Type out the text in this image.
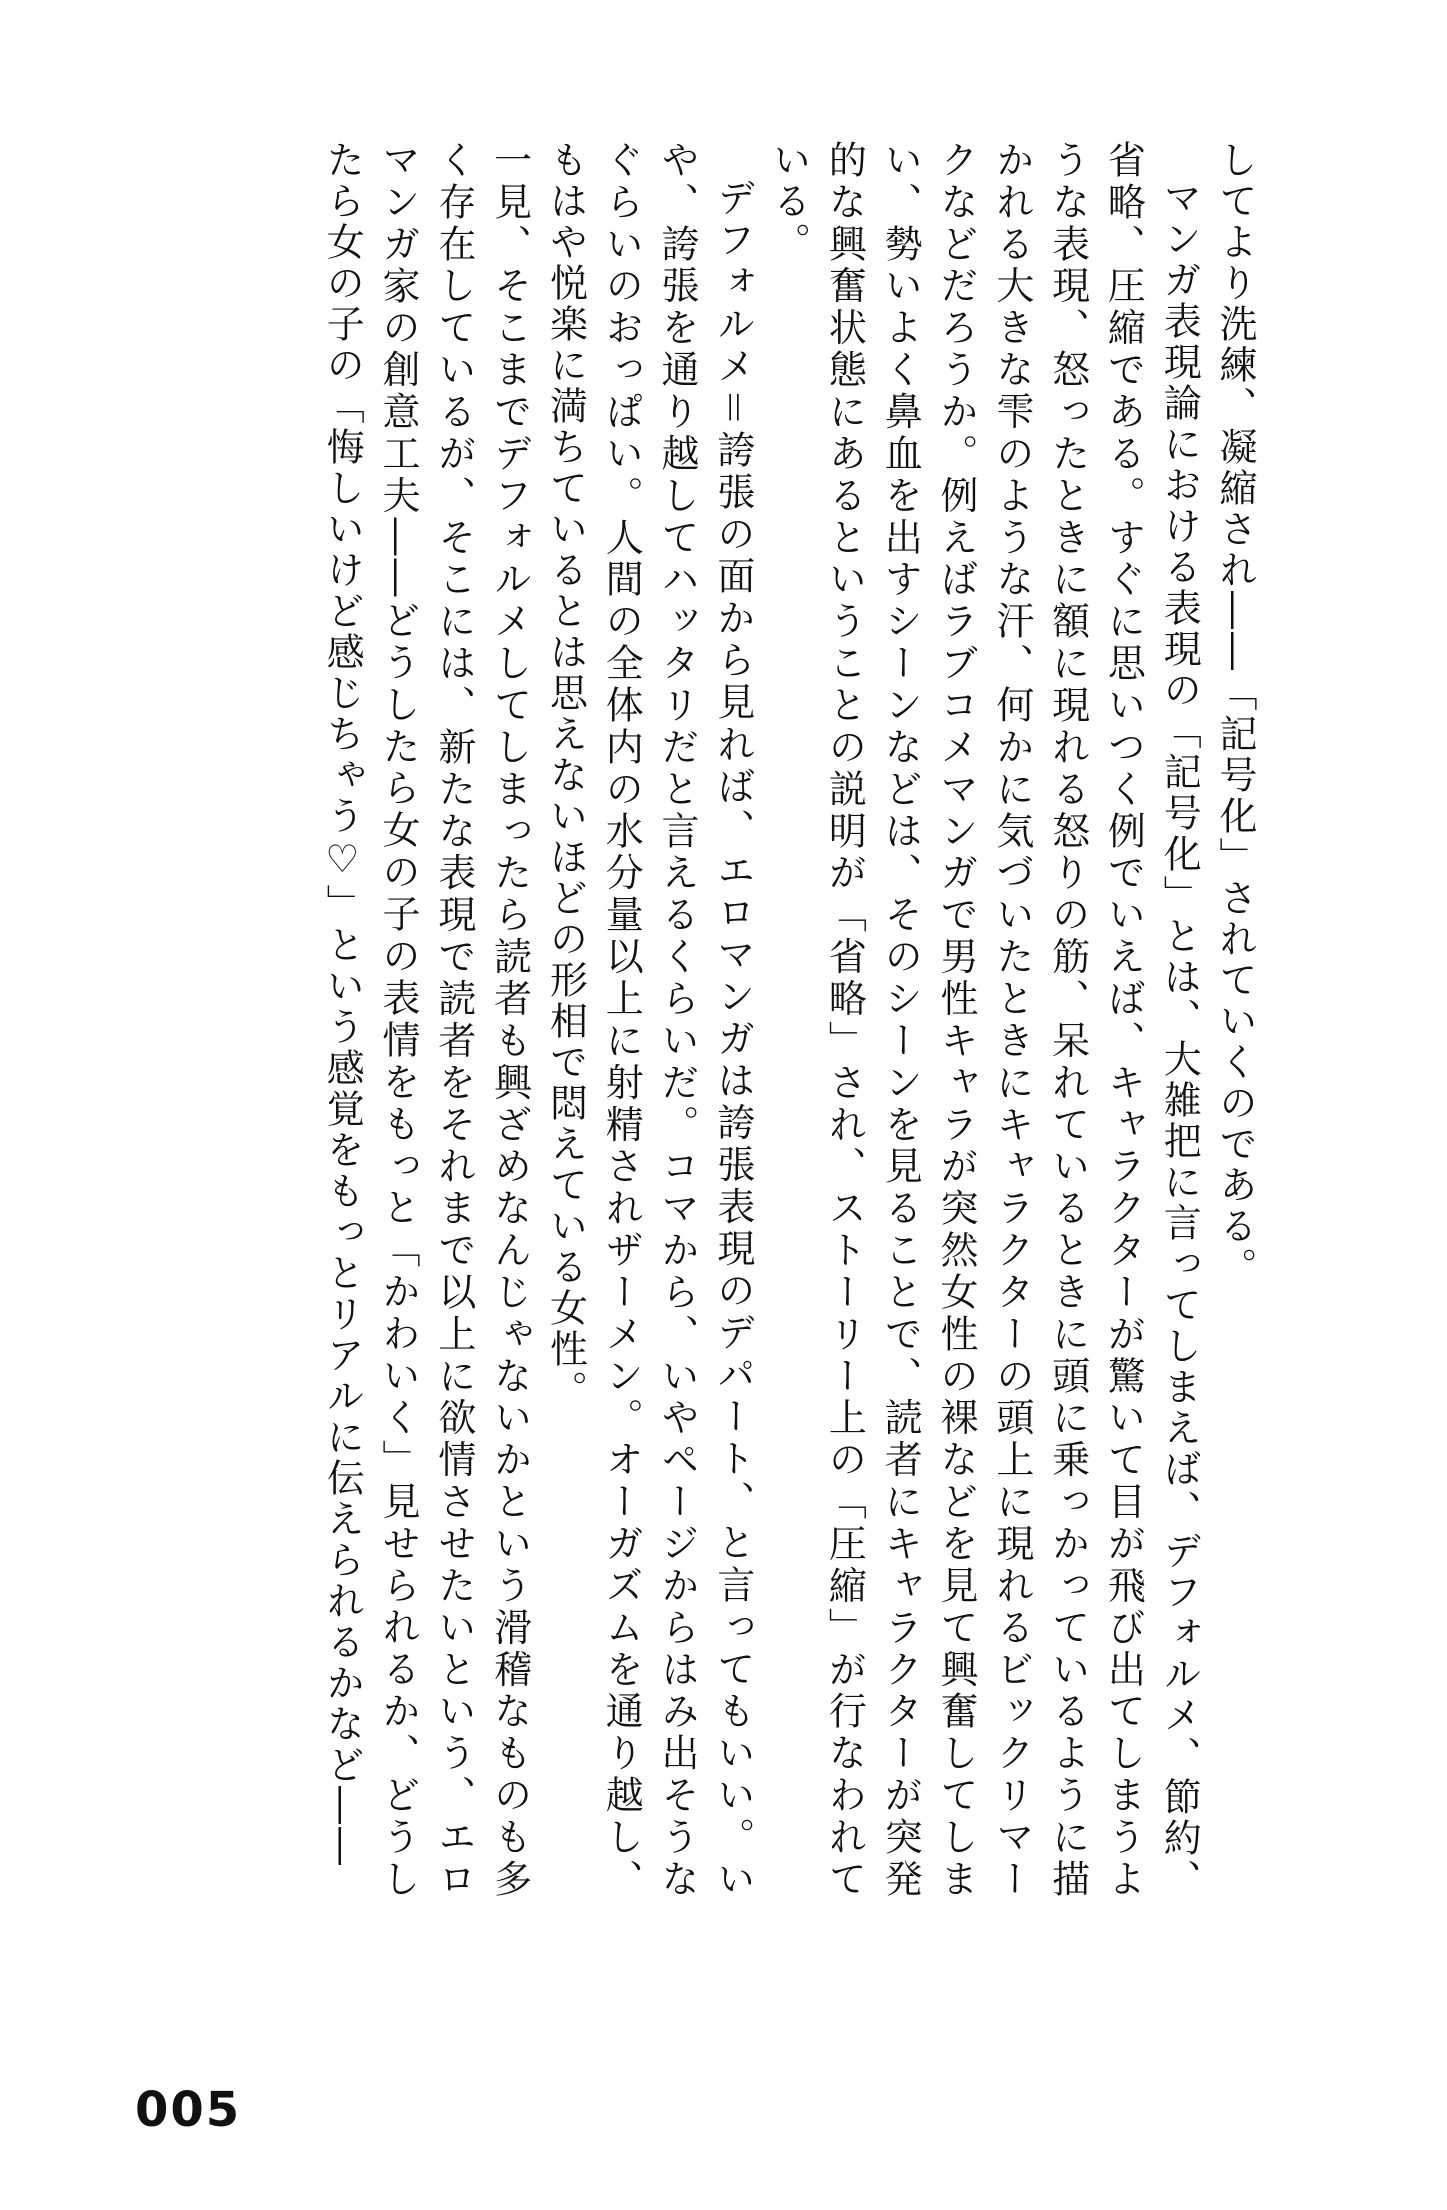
してより洗練、凝縮され――「記号化」されていくのである。

マンガ表現論における表現の「記号化」とは、大雑把に言ってしまえば、デフォルメ、節約、省略、圧縮である。すぐに思いつく例でいえば、キャラクターが驚いて目が飛び出てしまうような表現、怒ったときに額に現れる怒りの筋、呆れているときに頭に乗っかっているように描かれる大きな雫のような汗、何かに気づいたときにキャラクターの頭上に現れるビックリマークなどだろうか。例えばラブコメマンガで男性キャラが突然女性の裸などを見て興奮してしまい、勢いよく鼻血を出すシーンなどは、そのシーンを見ることで、読者にキャラクターが突発的な興奮状態にあるということの説明が「省略」され、ストーリー上の「圧縮」が行なわれている。

デフォルメ＝誇張の面から見れば、エロマンガは誇張表現のデパート、と言ってもいい。いや、誇張を通り越してハッタリだと言えるくらいだ。コマから、いやページからはみ出そうなぐらいのおっぱい。人間の全体内の水分量以上に射精されザーメン。オーガズムを通り越し、もはや悦楽に満ちているとは思えないほどの形相で悶えている女性。

一見、そこまでデフォルメしてしまったら読者も興ざめなんじゃないかという滑稽なものも多く存在しているが、そこには、新たな表現で読者をそれまで以上に欲情させたいという、エロマンガ家の創意工夫――どうしたら女の子の表情をもっと「かわいく」見せられるか、どうしたら女の子の「悔しいけど感じちゃう♡」という感覚をもっとリアルに伝えられるかなど――

005
